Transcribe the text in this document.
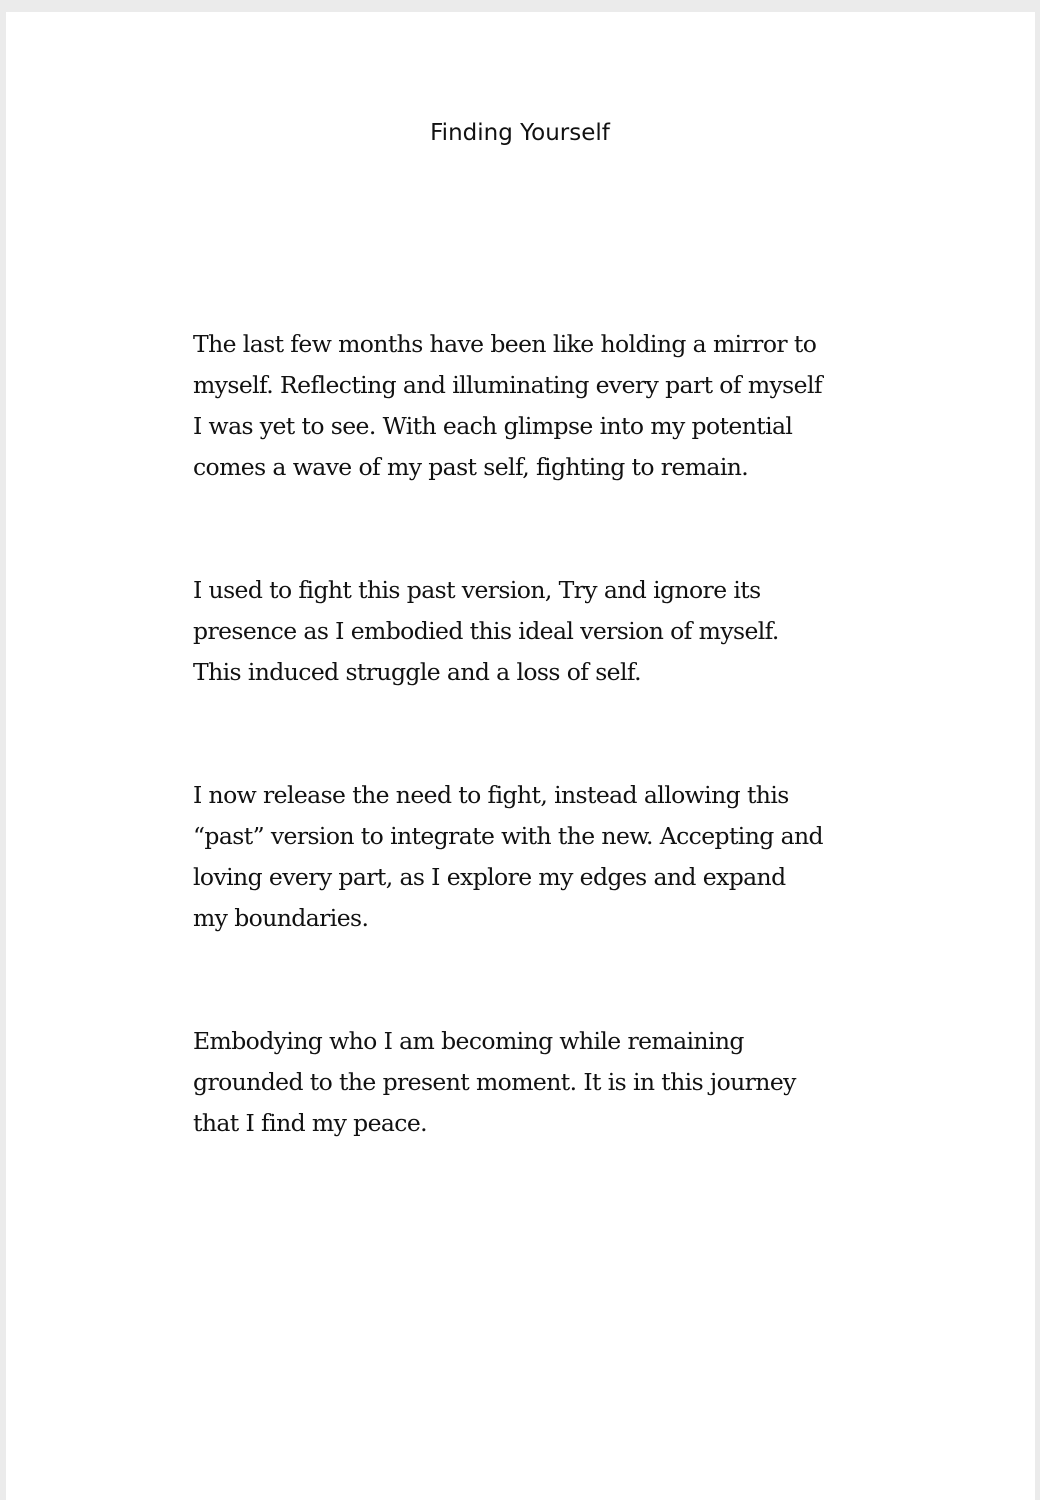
Finding Yourself

The last few months have been like holding a mirror to
myself. Reflecting and illuminating every part of myself
I was yet to see. With each glimpse into my potential
comes a wave of my past self, fighting to remain.

I used to fight this past version, Try and ignore its
presence as I embodied this ideal version of myself.
This induced struggle and a loss of self.

I now release the need to fight, instead allowing this
“past” version to integrate with the new. Accepting and
loving every part, as I explore my edges and expand
my boundaries.

Embodying who I am becoming while remaining
grounded to the present moment. It is in this journey
that I find my peace.
